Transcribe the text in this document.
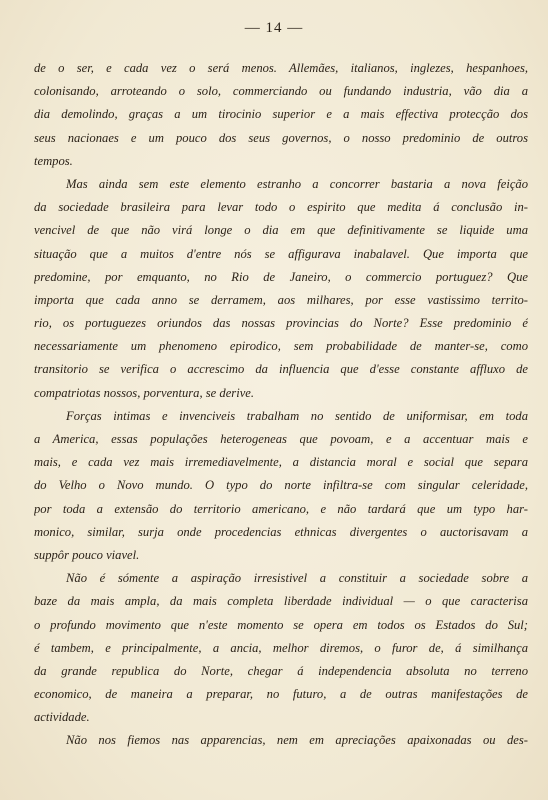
— 14 —
de o ser, e cada vez o será menos. Allemães, italianos, inglezes, hespanhoes,
colonisando, arroteando o solo, commerciando ou fundando industria, vão dia a
dia demolindo, graças a um tirocinio superior e a mais effectiva protecção dos
seus nacionaes e um pouco dos seus governos, o nosso predominio de outros
tempos.
Mas ainda sem este elemento estranho a concorrer bastaria a nova feição
da sociedade brasileira para levar todo o espirito que medita á conclusão in-
vencivel de que não virá longe o dia em que definitivamente se liquide uma
situação que a muitos d'entre nós se affigurava inabalavel. Que importa que
predomine, por emquanto, no Rio de Janeiro, o commercio portuguez? Que
importa que cada anno se derramem, aos milhares, por esse vastissimo territo-
rio, os portuguezes oriundos das nossas provincias do Norte? Esse predominio é
necessariamente um phenomeno epirodico, sem probabilidade de manter-se, como
transitorio se verifica o accrescimo da influencia que d'esse constante affluxo de
compatriotas nossos, porventura, se derive.
Forças intimas e invenciveis trabalham no sentido de uniformisar, em toda
a America, essas populações heterogeneas que povoam, e a accentuar mais e
mais, e cada vez mais irremediavelmente, a distancia moral e social que separa
do Velho o Novo mundo. O typo do norte infiltra-se com singular celeridade,
por toda a extensão do territorio americano, e não tardará que um typo har-
monico, similar, surja onde procedencias ethnicas divergentes o auctorisavam a
suppôr pouco viavel.
Não é sómente a aspiração irresistivel a constituir a sociedade sobre a
baze da mais ampla, da mais completa liberdade individual — o que caracterisa
o profundo movimento que n'este momento se opera em todos os Estados do Sul;
é tambem, e principalmente, a ancia, melhor diremos, o furor de, á similhança
da grande republica do Norte, chegar á independencia absoluta no terreno
economico, de maneira a preparar, no futuro, a de outras manifestações de
actividade.
Não nos fiemos nas apparencias, nem em apreciações apaixonadas ou des-
